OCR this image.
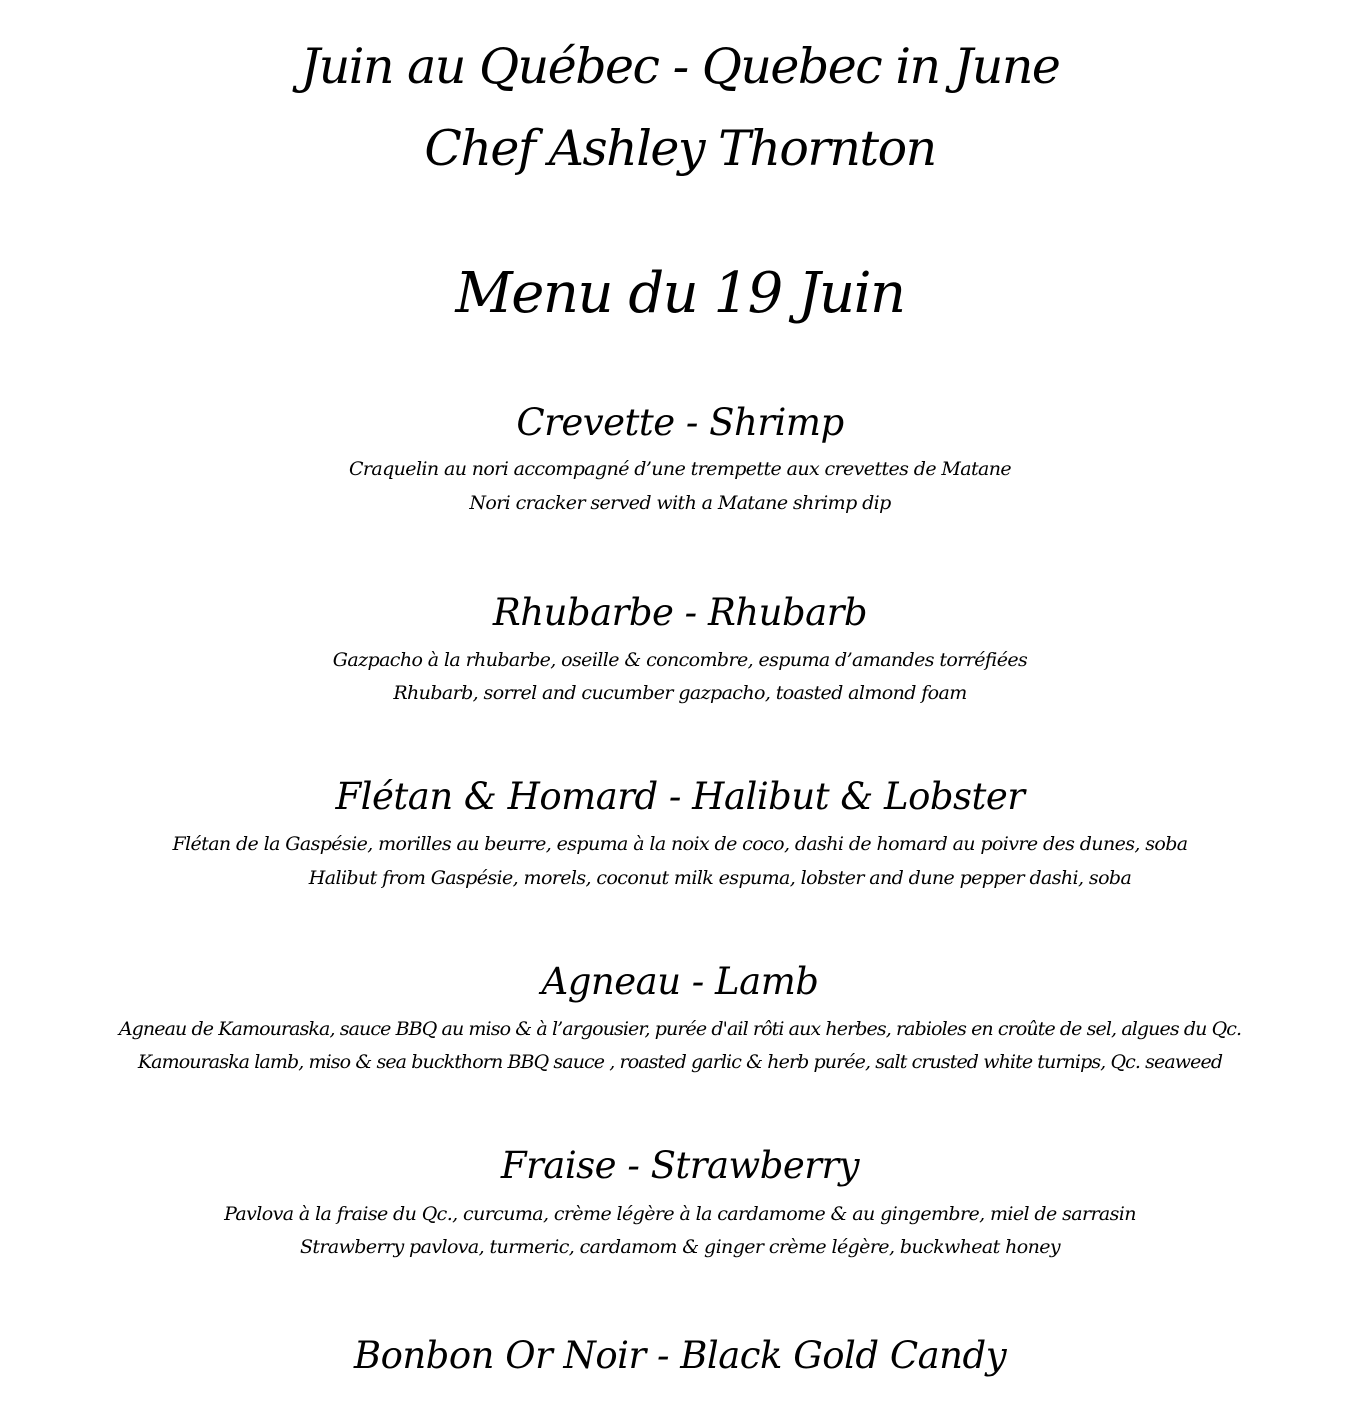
Juin au Québec - Quebec in June
Chef Ashley Thornton
Menu du 19 Juin
Crevette - Shrimp
Craquelin au nori accompagné d’une trempette aux crevettes de Matane
Nori cracker served with a Matane shrimp dip
Rhubarbe - Rhubarb
Gazpacho à la rhubarbe, oseille & concombre, espuma d’amandes torréfiées
Rhubarb, sorrel and cucumber gazpacho, toasted almond foam
Flétan & Homard - Halibut & Lobster
Flétan de la Gaspésie, morilles au beurre, espuma à la noix de coco, dashi de homard au poivre des dunes, soba
Halibut from Gaspésie, morels, coconut milk espuma, lobster and dune pepper dashi, soba
Agneau - Lamb
Agneau de Kamouraska, sauce BBQ au miso & à l’argousier, purée d'ail rôti aux herbes, rabioles en croûte de sel, algues du Qc.
Kamouraska lamb, miso & sea buckthorn BBQ sauce , roasted garlic & herb purée, salt crusted white turnips, Qc. seaweed
Fraise - Strawberry
Pavlova à la fraise du Qc., curcuma, crème légère à la cardamome & au gingembre, miel de sarrasin
Strawberry pavlova, turmeric, cardamom & ginger crème légère, buckwheat honey
Bonbon Or Noir - Black Gold Candy
